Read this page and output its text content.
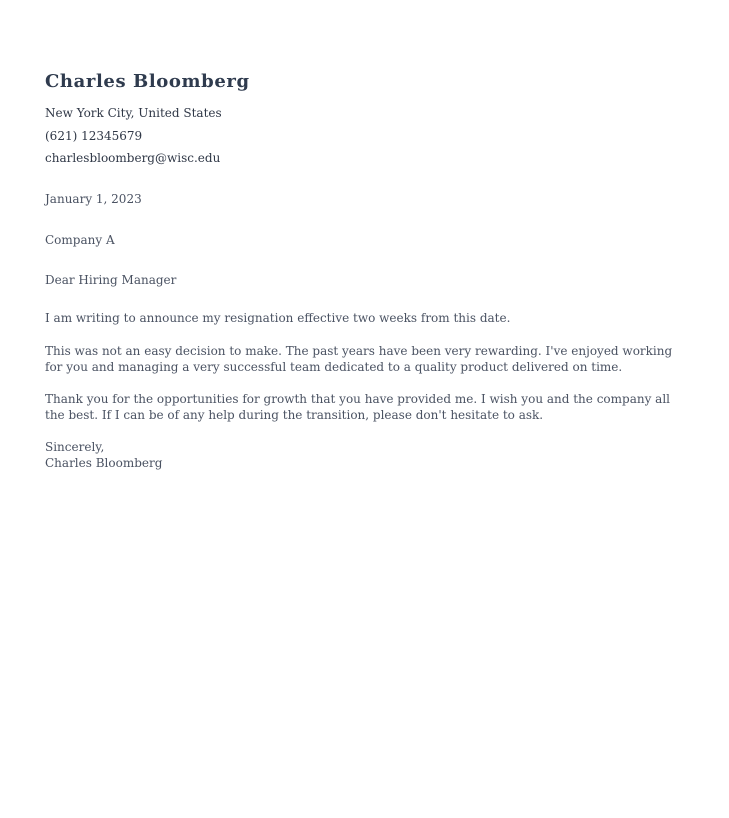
Charles Bloomberg
New York City, United States
(621) 12345679
charlesbloomberg@wisc.edu
January 1, 2023
Company A
Dear Hiring Manager
I am writing to announce my resignation effective two weeks from this date.
This was not an easy decision to make. The past years have been very rewarding. I've enjoyed working for you and managing a very successful team dedicated to a quality product delivered on time.
Thank you for the opportunities for growth that you have provided me. I wish you and the company all the best. If I can be of any help during the transition, please don't hesitate to ask.
Sincerely,
Charles Bloomberg
